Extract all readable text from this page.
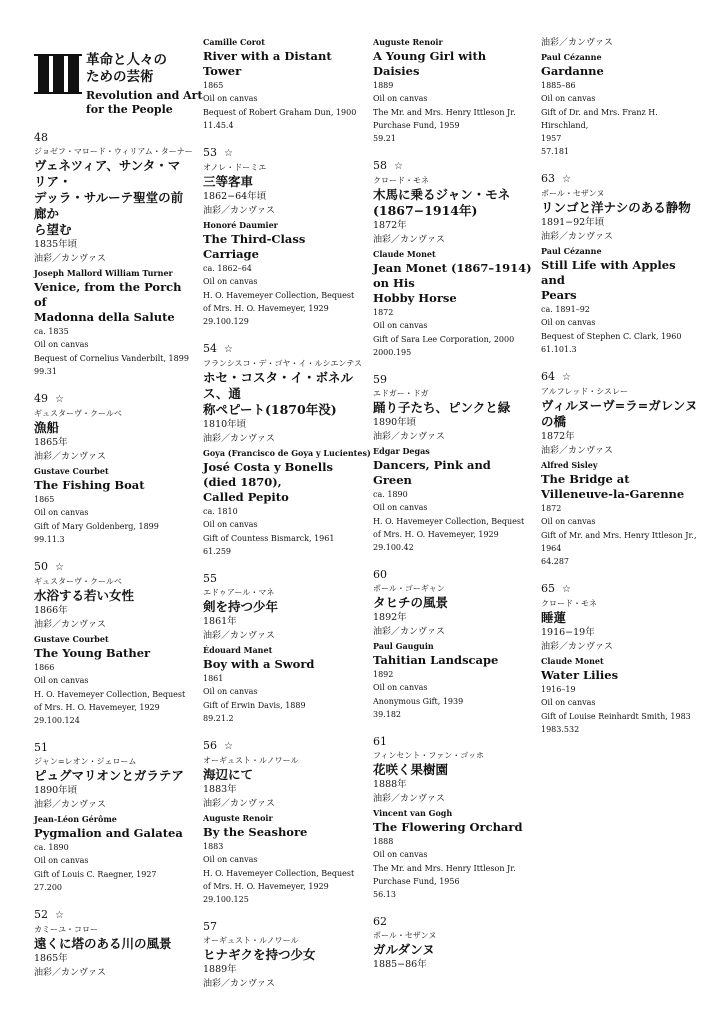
革命と人々の
ための芸術
Revolution and Art
for the People
48
ジョゼフ・マロード・ウィリアム・ターナー
ヴェネツィア、サンタ・マリア・
デッラ・サルーテ聖堂の前廊か
ら望む
1835年頃
油彩／カンヴァス
Joseph Mallord William Turner
Venice, from the Porch of
Madonna della Salute
ca. 1835
Oil on canvas
Bequest of Cornelius Vanderbilt, 1899
99.31
49 ☆
ギュスターヴ・クールベ
漁船
1865年
油彩／カンヴァス
Gustave Courbet
The Fishing Boat
1865
Oil on canvas
Gift of Mary Goldenberg, 1899
99.11.3
50 ☆
ギュスターヴ・クールベ
水浴する若い女性
1866年
油彩／カンヴァス
Gustave Courbet
The Young Bather
1866
Oil on canvas
H. O. Havemeyer Collection, Bequest
of Mrs. H. O. Havemeyer, 1929
29.100.124
51
ジャン=レオン・ジェローム
ピュグマリオンとガラテア
1890年頃
油彩／カンヴァス
Jean-Léon Gérôme
Pygmalion and Galatea
ca. 1890
Oil on canvas
Gift of Louis C. Raegner, 1927
27.200
52 ☆
カミーユ・コロー
遠くに塔のある川の風景
1865年
油彩／カンヴァス
Camille Corot
River with a Distant Tower
1865
Oil on canvas
Bequest of Robert Graham Dun, 1900
11.45.4
53 ☆
オノレ・ドーミエ
三等客車
1862−64年頃
油彩／カンヴァス
Honoré Daumier
The Third-Class Carriage
ca. 1862–64
Oil on canvas
H. O. Havemeyer Collection, Bequest
of Mrs. H. O. Havemeyer, 1929
29.100.129
54 ☆
フランシスコ・デ・ゴヤ・イ・ルシエンテス
ホセ・コスタ・イ・ボネルス、通
称ペピート(1870年没)
1810年頃
油彩／カンヴァス
Goya (Francisco de Goya y Lucientes)
José Costa y Bonells (died 1870),
Called Pepito
ca. 1810
Oil on canvas
Gift of Countess Bismarck, 1961
61.259
55
エドゥアール・マネ
剣を持つ少年
1861年
油彩／カンヴァス
Édouard Manet
Boy with a Sword
1861
Oil on canvas
Gift of Erwin Davis, 1889
89.21.2
56 ☆
オーギュスト・ルノワール
海辺にて
1883年
油彩／カンヴァス
Auguste Renoir
By the Seashore
1883
Oil on canvas
H. O. Havemeyer Collection, Bequest
of Mrs. H. O. Havemeyer, 1929
29.100.125
57
オーギュスト・ルノワール
ヒナギクを持つ少女
1889年
油彩／カンヴァス
Auguste Renoir
A Young Girl with Daisies
1889
Oil on canvas
The Mr. and Mrs. Henry Ittleson Jr.
Purchase Fund, 1959
59.21
58 ☆
クロード・モネ
木馬に乗るジャン・モネ
(1867−1914年)
1872年
油彩／カンヴァス
Claude Monet
Jean Monet (1867–1914) on His
Hobby Horse
1872
Oil on canvas
Gift of Sara Lee Corporation, 2000
2000.195
59
エドガー・ドガ
踊り子たち、ピンクと緑
1890年頃
油彩／カンヴァス
Edgar Degas
Dancers, Pink and Green
ca. 1890
Oil on canvas
H. O. Havemeyer Collection, Bequest
of Mrs. H. O. Havemeyer, 1929
29.100.42
60
ポール・ゴーギャン
タヒチの風景
1892年
油彩／カンヴァス
Paul Gauguin
Tahitian Landscape
1892
Oil on canvas
Anonymous Gift, 1939
39.182
61
フィンセント・ファン・ゴッホ
花咲く果樹園
1888年
油彩／カンヴァス
Vincent van Gogh
The Flowering Orchard
1888
Oil on canvas
The Mr. and Mrs. Henry Ittleson Jr.
Purchase Fund, 1956
56.13
62
ポール・セザンヌ
ガルダンヌ
1885−86年
油彩／カンヴァス
Paul Cézanne
Gardanne
1885–86
Oil on canvas
Gift of Dr. and Mrs. Franz H. Hirschland,
1957
57.181
63 ☆
ポール・セザンヌ
リンゴと洋ナシのある静物
1891−92年頃
油彩／カンヴァス
Paul Cézanne
Still Life with Apples and
Pears
ca. 1891–92
Oil on canvas
Bequest of Stephen C. Clark, 1960
61.101.3
64 ☆
アルフレッド・シスレー
ヴィルヌーヴ=ラ=ガレンヌの橋
1872年
油彩／カンヴァス
Alfred Sisley
The Bridge at
Villeneuve-la-Garenne
1872
Oil on canvas
Gift of Mr. and Mrs. Henry Ittleson Jr., 1964
64.287
65 ☆
クロード・モネ
睡蓮
1916−19年
油彩／カンヴァス
Claude Monet
Water Lilies
1916–19
Oil on canvas
Gift of Louise Reinhardt Smith, 1983
1983.532
